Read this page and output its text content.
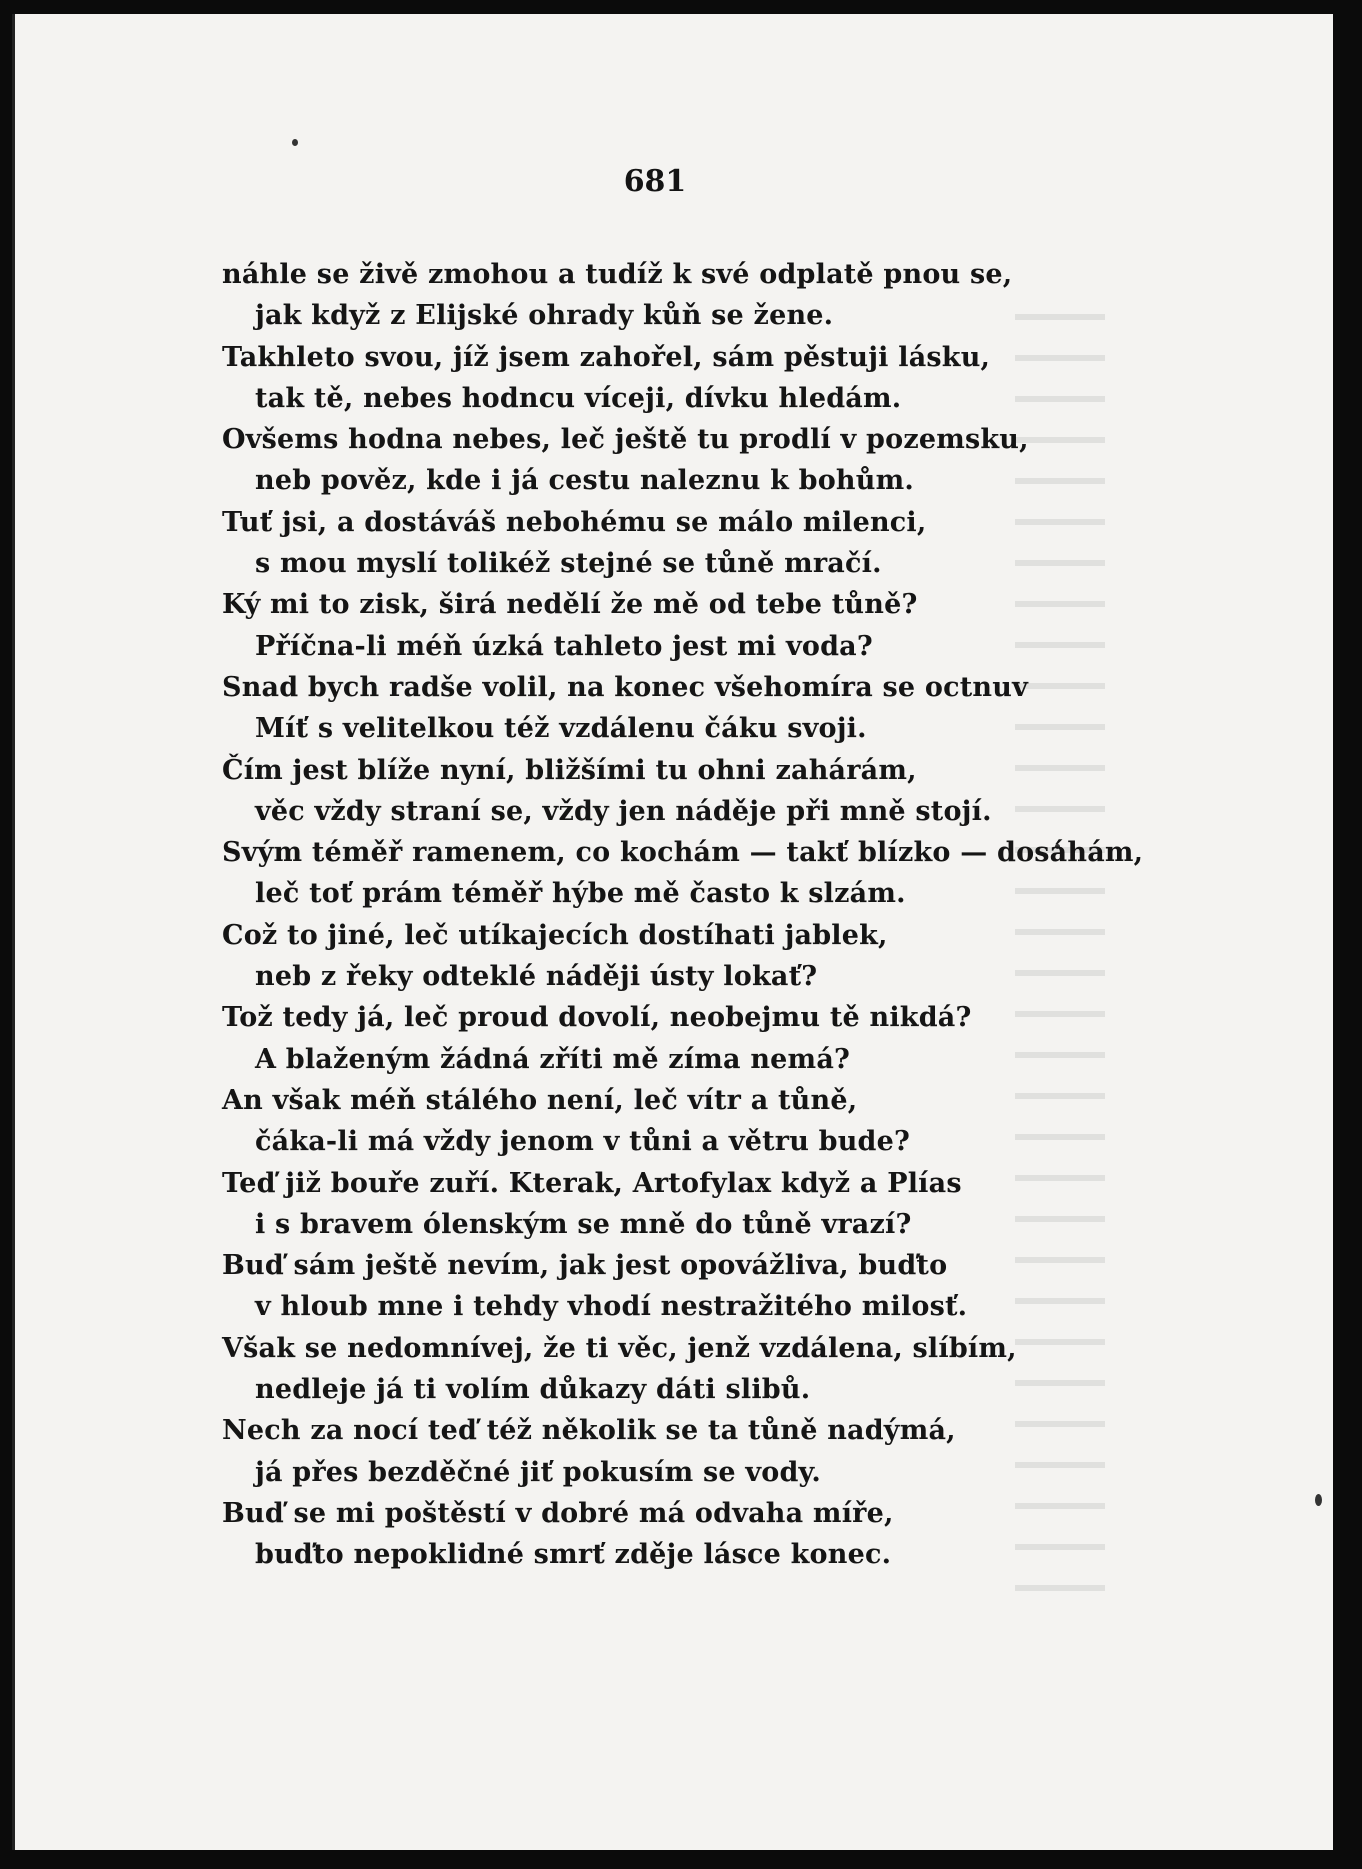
681
náhle se živě zmohou a tudíž k své odplatě pnou se,
jak když z Elijské ohrady kůň se žene.
Takhleto svou, jíž jsem zahořel, sám pěstuji lásku,
tak tě, nebes hodncu víceji, dívku hledám.
Ovšems hodna nebes, leč ještě tu prodlí v pozemsku,
neb pověz, kde i já cestu naleznu k bohům.
Tuť jsi, a dostáváš nebohému se málo milenci,
s mou myslí tolikéž stejné se tůně mračí.
Ký mi to zisk, širá nedělí že mě od tebe tůně?
Příčna-li méň úzká tahleto jest mi voda?
Snad bych radše volil, na konec všehomíra se octnuv
Míť s velitelkou též vzdálenu čáku svoji.
Čím jest blíže nyní, bližšími tu ohni zahárám,
věc vždy straní se, vždy jen náděje při mně stojí.
Svým téměř ramenem, co kochám — takť blízko — dosáhám,
leč toť prám téměř hýbe mě často k slzám.
Což to jiné, leč utíkajecích dostíhati jablek,
neb z řeky odteklé náději ústy lokať?
Tož tedy já, leč proud dovolí, neobejmu tě nikdá?
A blaženým žádná zříti mě zíma nemá?
An však méň stálého není, leč vítr a tůně,
čáka-li má vždy jenom v tůni a větru bude?
Teď již bouře zuří. Kterak, Artofylax když a Plías
i s bravem ólenským se mně do tůně vrazí?
Buď sám ještě nevím, jak jest opovážliva, buďto
v hloub mne i tehdy vhodí nestražitého milosť.
Však se nedomnívej, že ti věc, jenž vzdálena, slíbím,
nedleje já ti volím důkazy dáti slibů.
Nech za nocí teď též několik se ta tůně nadýmá,
já přes bezděčné jiť pokusím se vody.
Buď se mi poštěstí v dobré má odvaha míře,
buďto nepoklidné smrť zděje lásce konec.
